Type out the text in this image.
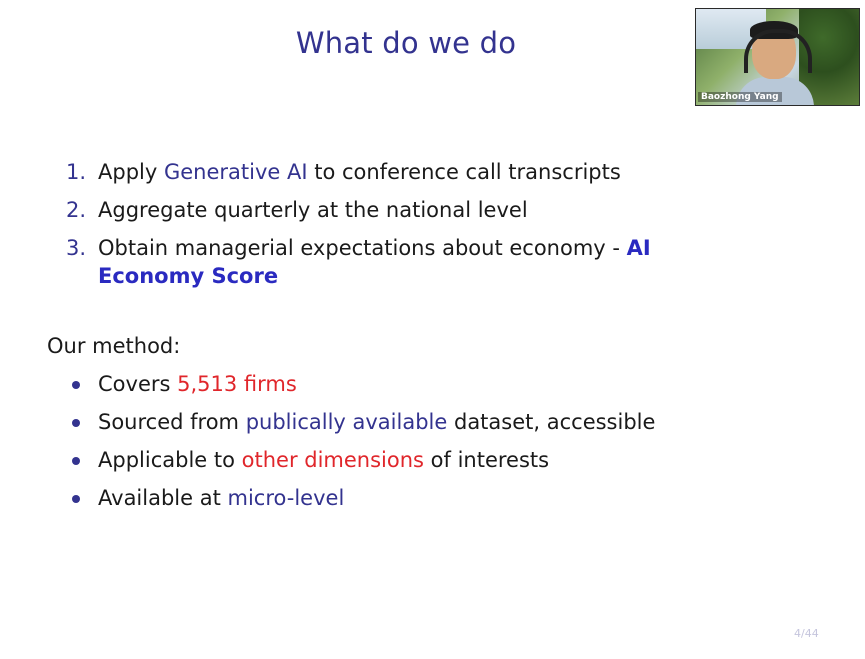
What do we do
Baozhong Yang
1. Apply Generative AI to conference call transcripts
2. Aggregate quarterly at the national level
3. Obtain managerial expectations about economy - AI Economy Score
Our method:
Covers 5,513 firms
Sourced from publically available dataset, accessible
Applicable to other dimensions of interests
Available at micro-level
4/44
